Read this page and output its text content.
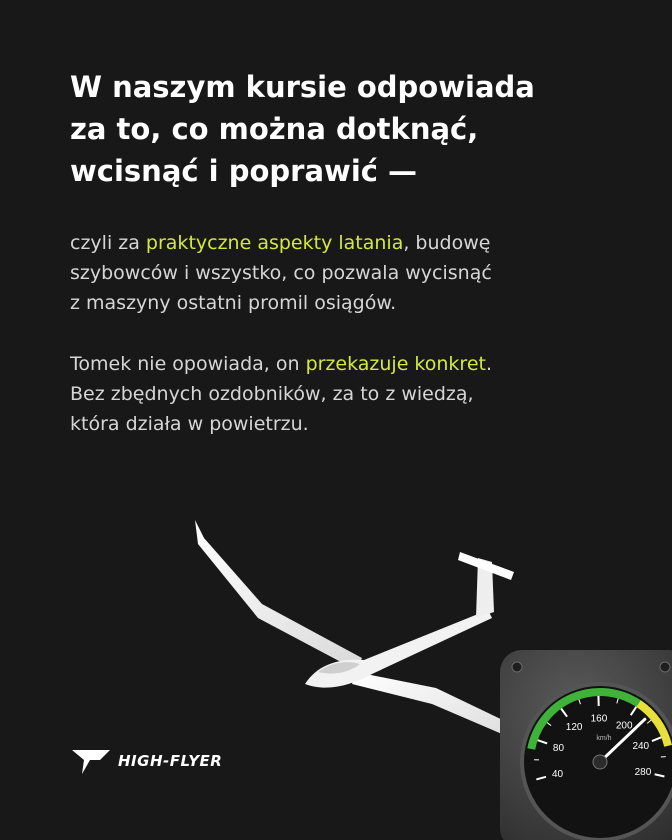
W naszym kursie odpowiada
za to, co można dotknąć,
wcisnąć i poprawić —

czyli za praktyczne aspekty latania, budowę
szybowców i wszystko, co pozwala wycisnąć
z maszyny ostatni promil osiągów.

Tomek nie opowiada, on przekazuje konkret.
Bez zbędnych ozdobników, za to z wiedzą,
która działa w powietrzu.

40
80
120
160
200
240
280
km/h
HIGH-FLYER
